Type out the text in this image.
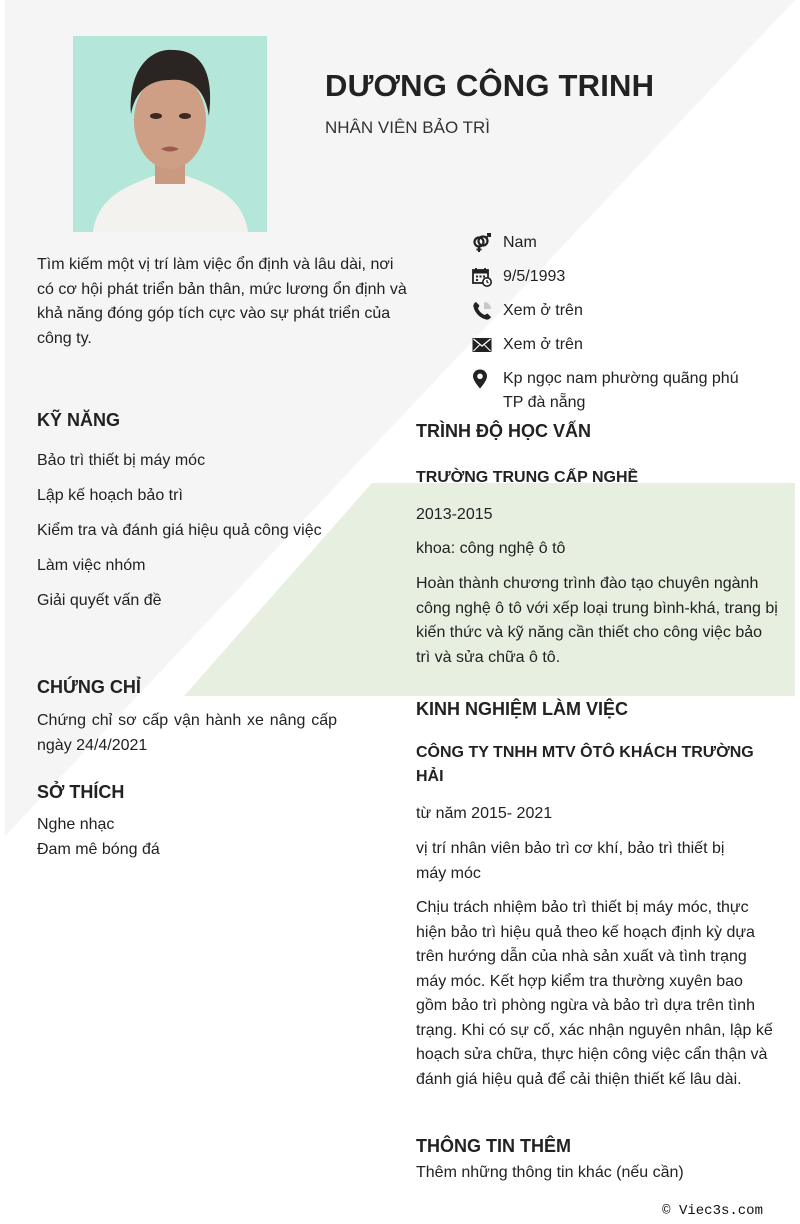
DƯƠNG CÔNG TRINH
NHÂN VIÊN BẢO TRÌ
Tìm kiếm một vị trí làm việc ổn định và lâu dài, nơi có cơ hội phát triển bản thân, mức lương ổn định và khả năng đóng góp tích cực vào sự phát triển của công ty.
Nam
9/5/1993
Xem ở trên
Xem ở trên
Kp ngọc nam phường quãng phú TP đà nẵng
KỸ NĂNG
Bảo trì thiết bị máy móc
Lập kế hoạch bảo trì
Kiểm tra và đánh giá hiệu quả công việc
Làm việc nhóm
Giải quyết vấn đề
CHỨNG CHỈ
Chứng chỉ sơ cấp vận hành xe nâng cấp ngày 24/4/2021
SỞ THÍCH
Nghe nhạc
Đam mê bóng đá
TRÌNH ĐỘ HỌC VẤN
TRƯỜNG TRUNG CẤP NGHỀ
2013-2015
khoa: công nghệ ô tô
Hoàn thành chương trình đào tạo chuyên ngành công nghệ ô tô với xếp loại trung bình-khá, trang bị kiến thức và kỹ năng cần thiết cho công việc bảo trì và sửa chữa ô tô.
KINH NGHIỆM LÀM VIỆC
CÔNG TY TNHH MTV ÔTÔ KHÁCH TRƯỜNG HẢI
từ năm 2015- 2021
vị trí nhân viên bảo trì cơ khí, bảo trì thiết bị máy móc
Chịu trách nhiệm bảo trì thiết bị máy móc, thực hiện bảo trì hiệu quả theo kế hoạch định kỳ dựa trên hướng dẫn của nhà sản xuất và tình trạng máy móc. Kết hợp kiểm tra thường xuyên bao gồm bảo trì phòng ngừa và bảo trì dựa trên tình trạng. Khi có sự cố, xác nhận nguyên nhân, lập kế hoạch sửa chữa, thực hiện công việc cẩn thận và đánh giá hiệu quả để cải thiện thiết kế lâu dài.
THÔNG TIN THÊM
Thêm những thông tin khác (nếu cần)
© Viec3s.com
